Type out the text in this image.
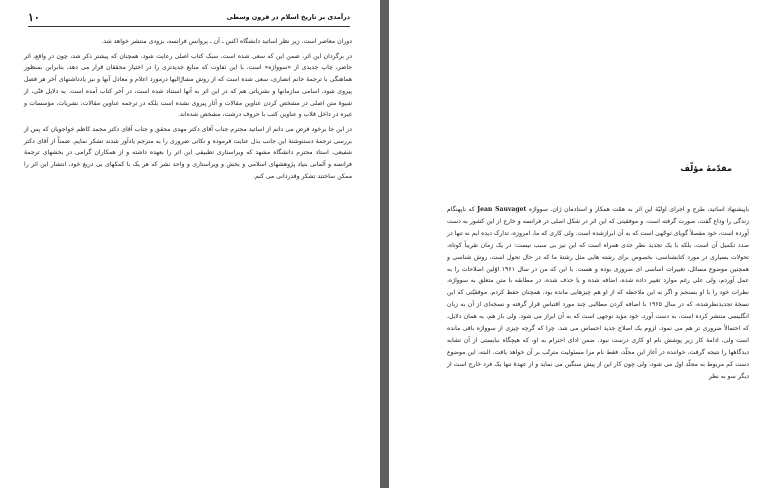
۱۰	درآمدی بر تاریخ اسلام در قرون وسطی

دوران معاصر است، زیر نظر اساتید دانشگاه اکس ـ آن ـ پروانس فرانسه، بزودی منتشر خواهد شد.

در برگردان این اثر، ضمن این که سعی شده است، سبک کتاب اصلی رعایت شود، همچنان که پیشتر ذکر شد، چون در واقع، اثر حاضر، چاپ جدیدی از «سوواژه» است، با این تفاوت که منابع جدیدتری را در اختیار محققان قرار می دهد، بنابراین بمنظور هماهنگی با ترجمهٔ خانم انصاری، سعی شده است که از روش مشارٌالیها درمورد اعلام و معادل آنها و نیز یادداشتهای آخر هر فصل پیروی شود. اسامی سازمانها و نشریاتی هم که در این اثر به آنها استناد شده است، در آخر کتاب آمده است. به دلایل فنّی، از شیوهٔ متن اصلی در مشخص کردن عناوین مقالات و آثار پیروی نشده است بلکه در ترجمه عناوین مقالات، نشریات، مؤسسات و غیره در داخل قلاب و عناوین کتب با حروف درشت، مشخص شده‌اند.

در این جا برخود فرض می دانم از اساتید محترم جناب آقای دکتر مهدی محقق و جناب آقای دکتر محمد کاظم خواجویان که پس از بررسی ترجمهٔ دستنوشتهٔ این جانب بذل عنایت فرموده و نکاتی ضروری را به مترجم یادآور شدند تشکر نمایم. ضمناً از آقای دکتر شفیعی، استاد محترم دانشگاه مشهد که ویراستاری تطبیقی این اثر را بعهده داشته و از همکاران گرامی در بخشهای ترجمهٔ فرانسه و آلمانی بنیاد پژوهشهای اسلامی و بخش و ویراستاری و واحد نشر که هر یک با کمکهای بی دریغ خود، انتشار این اثر را ممکن ساختند تشکر وقدردانی می کنم.

مقدّمهٔ مؤلّف

باپیشنهاد اساتید، طرح و اجرای اولیّهٔ این اثر به همّت همکار و استادمان ژان. سوواژه Jean Sauvaget که ناپهنگام زندگی را وداع گفت، صورت گرفته است. و موفقیتی که این اثر در شکل اصلی در فرانسه و خارج از این کشور به دست آورده است، خود مفصلاً گویای توجّهی است که به آن ابرازشده است. ولی کاری که ما، امروزه، تدارک دیده ایم نه تنها در صدد تکمیل آن است، بلکه با یک تجدید نظر جدی همراه است که این نیز بی سبب نیست: در یک زمان تقریباً کوتاه، تحولات بسیاری در مورد کتابشناسی، بخصوص برای رشته هایی مثل رشتهٔ ما که در حال تحول است، روش شناسی و همچنین موضوع مسائل، تغییرات اساسی ای ضروری بوده و هست. با این که من در سال ۱۹۶۱ اوّلین اصلاحات را به عمل آوردم، ولی علی رغم موارد تغییر داده شده، اضافه شده و یا حذف شده، در مطابقه با متن متعلق به سوواژه، نظرات خود را با او بسنجم و اگر به این ملاحظه که از او هم چیزهایی مانده بود، همچنان حفظ کردم. موفقیّتی که این نسخهٔ تجدیدنظرشده، که در سال ۱۹۶۵ با اضافه کردن مطالبی چند مورد اقتباس قرار گرفته و نسخه‌ای از آن به زبان انگلیسی منتشر کرده است، به دست آورد، خود مؤید توجهی است که به آن ابراز می شود. ولی باز هم، به همان دلایل، که احتمالاً ضروری تر هم می نمود، لزوم یک اصلاح جدید احساس می شد. چرا که گرچه چیزی از سوواژه باقی مانده است ولی، ادامهٔ کار زیر پوشش نام او کاری درست نبود. ضمن ادای احترام به او، که هیچگاه نبایستی از آن تشابه دیدگاهها را نتیجه گرفت، خواننده در آغاز این مجلّد، فقط نام مرا مسئولیت مترتّب بر آن خواهد یافت. البته، این موضوع دست کم مربوط به مجلّد اول می شود، ولی چون کار این از پیش سنگین می نماید و از عهدهٔ تنها یک فرد خارج است از دیگر سو به نظر
